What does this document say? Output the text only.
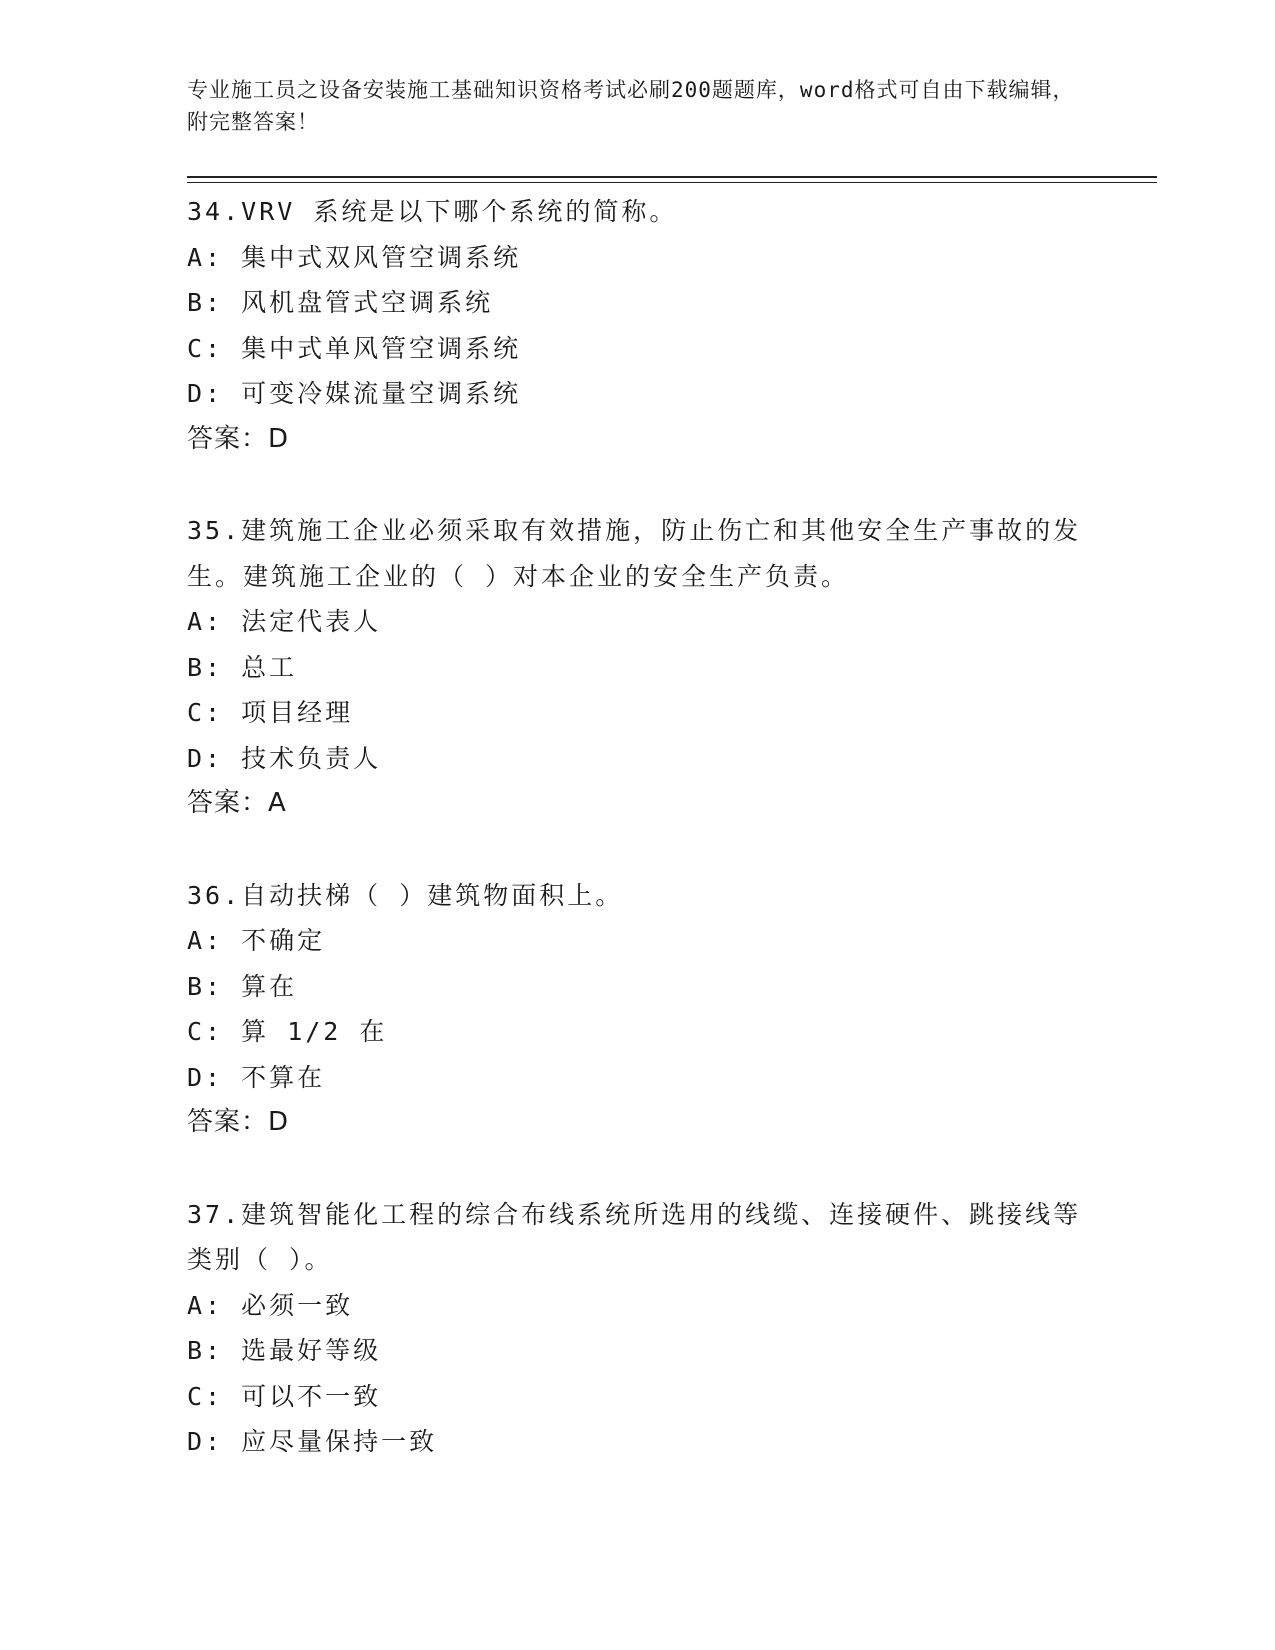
专业施工员之设备安装施工基础知识资格考试必刷200题题库，word格式可自由下载编辑，附完整答案！
34.VRV 系统是以下哪个系统的简称。
A: 集中式双风管空调系统
B: 风机盘管式空调系统
C: 集中式单风管空调系统
D: 可变冷媒流量空调系统
答案：D
35.建筑施工企业必须采取有效措施，防止伤亡和其他安全生产事故的发生。建筑施工企业的（ ）对本企业的安全生产负责。
A: 法定代表人
B: 总工
C: 项目经理
D: 技术负责人
答案：A
36.自动扶梯（ ）建筑物面积上。
A: 不确定
B: 算在
C: 算 1/2 在
D: 不算在
答案：D
37.建筑智能化工程的综合布线系统所选用的线缆、连接硬件、跳接线等类别（ ）。
A: 必须一致
B: 选最好等级
C: 可以不一致
D: 应尽量保持一致
